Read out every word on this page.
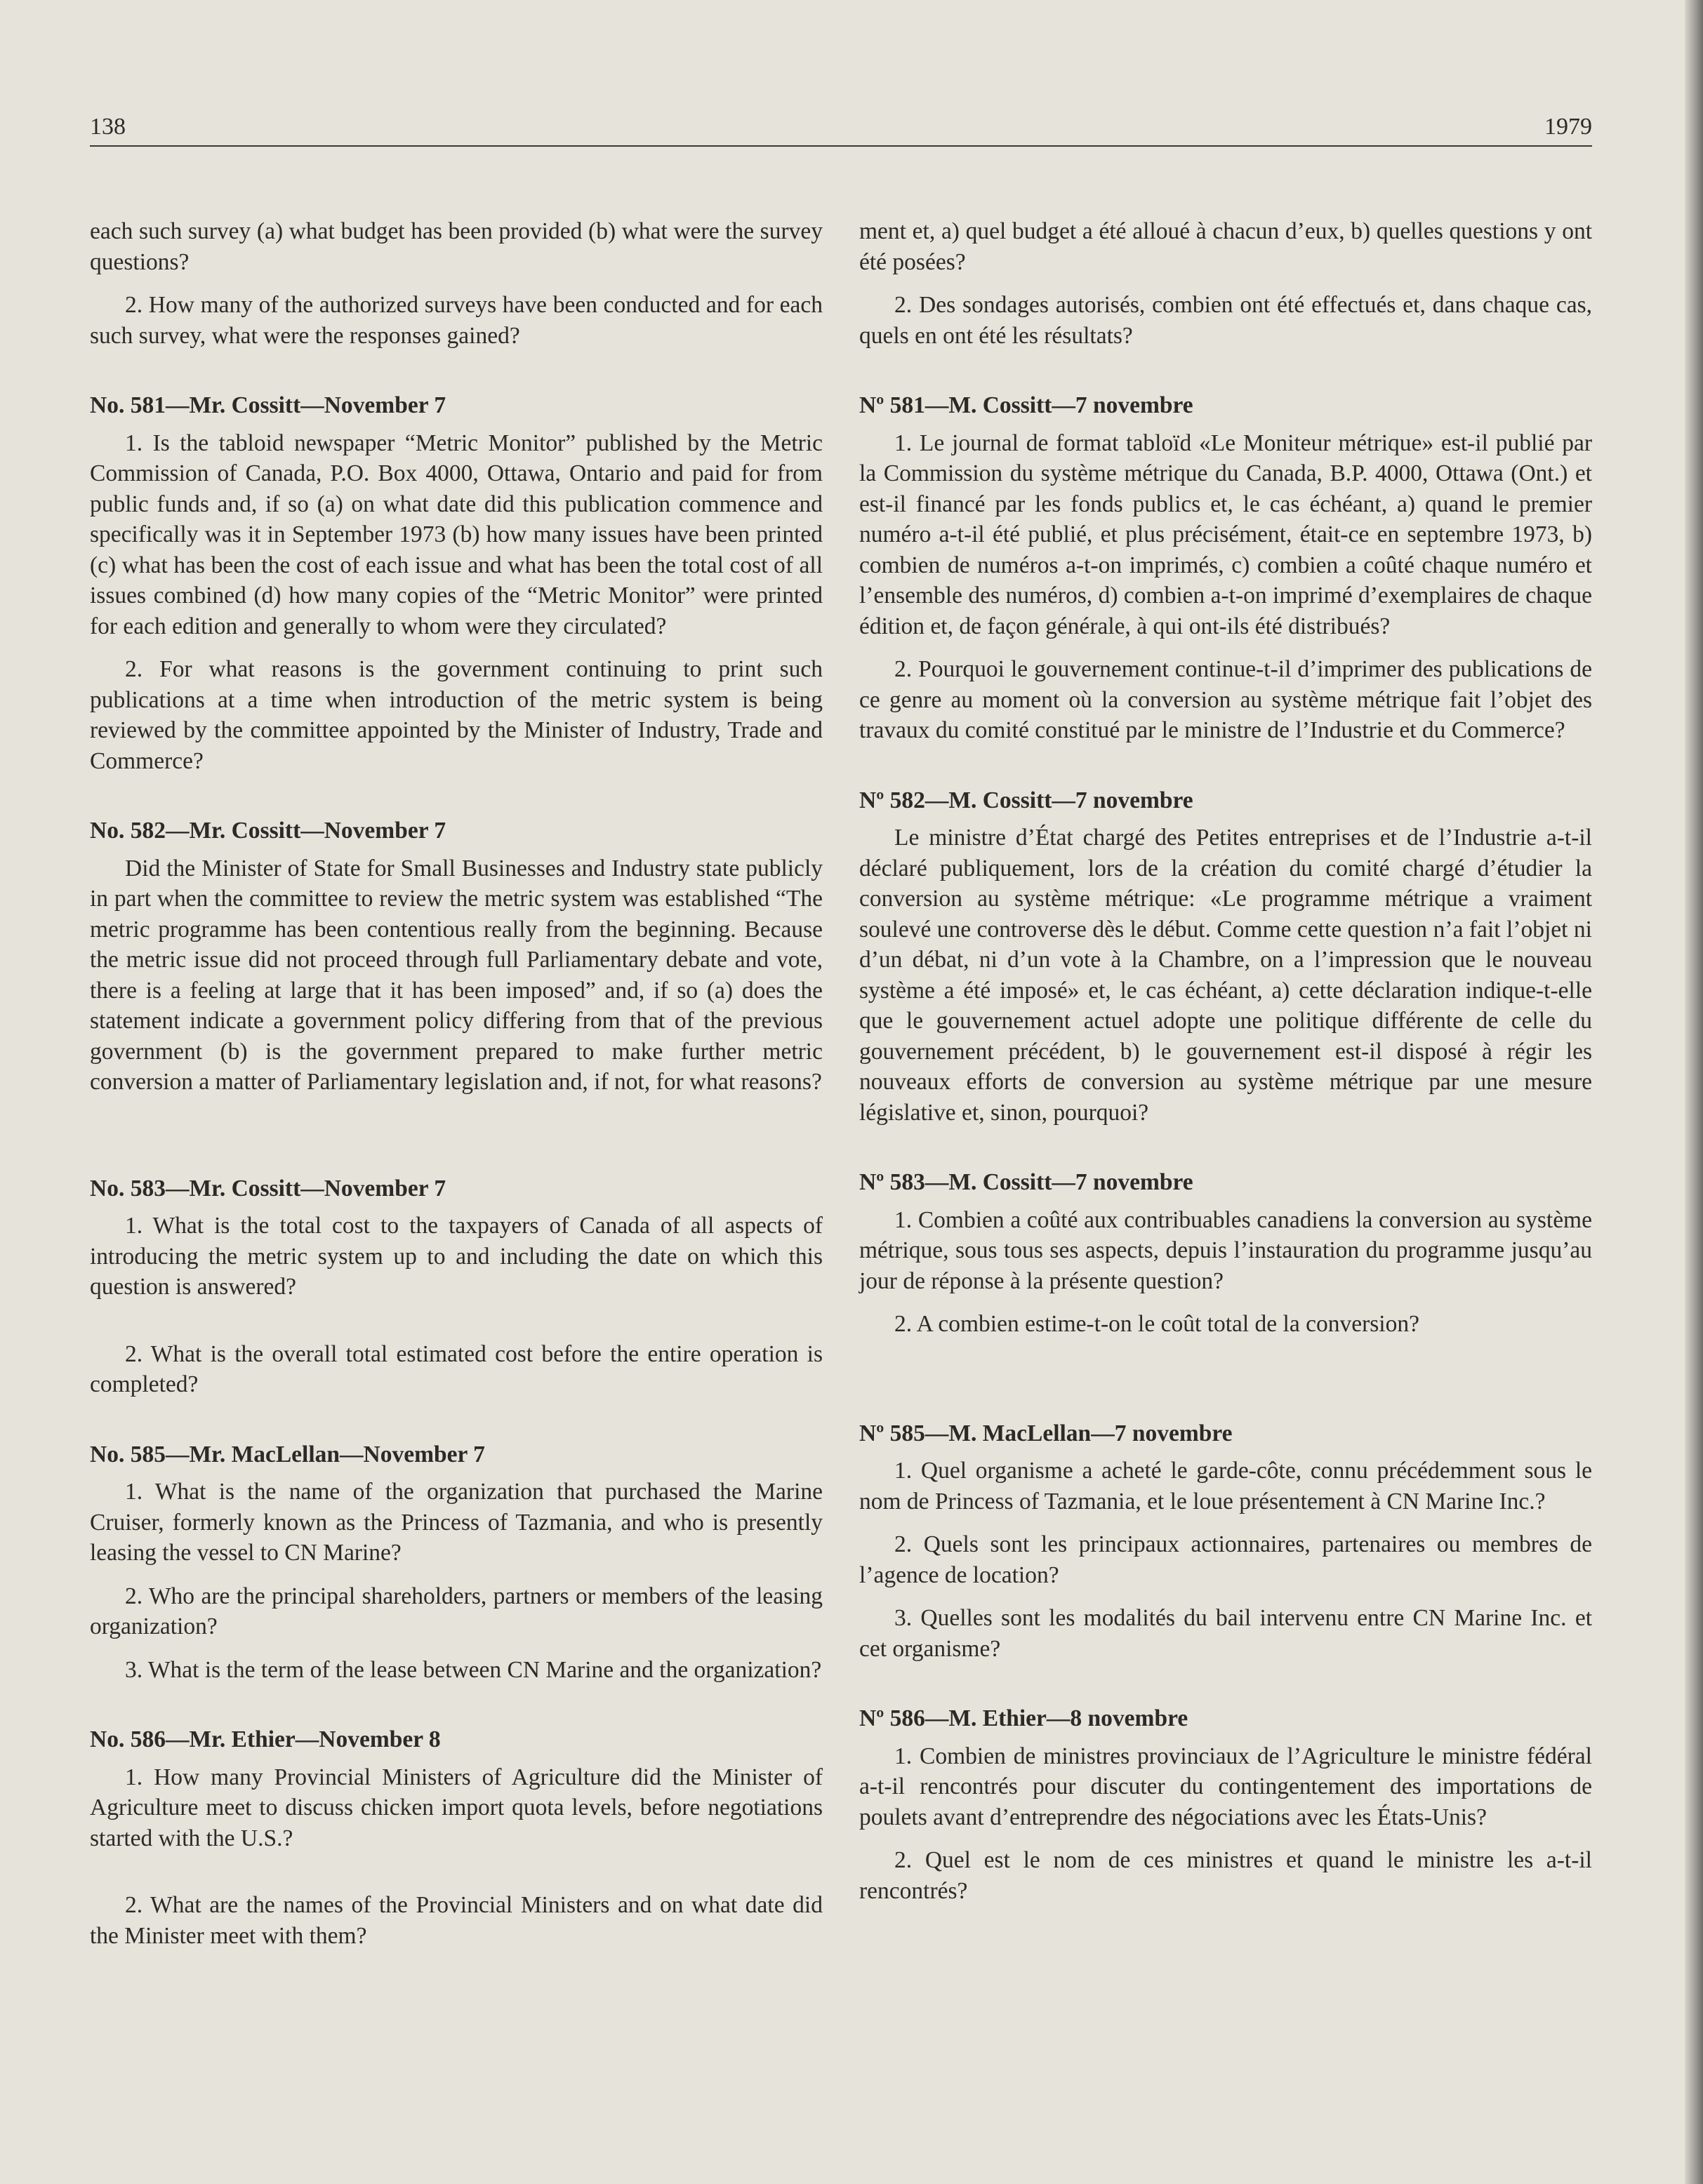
138	1979

each such survey (a) what budget has been provided (b) what were the survey questions?

2. How many of the authorized surveys have been conducted and for each such survey, what were the responses gained?

No. 581—Mr. Cossitt—November 7

1. Is the tabloid newspaper “Metric Monitor” published by the Metric Commission of Canada, P.O. Box 4000, Ottawa, Ontario and paid for from public funds and, if so (a) on what date did this publication commence and specifically was it in September 1973 (b) how many issues have been printed (c) what has been the cost of each issue and what has been the total cost of all issues combined (d) how many copies of the “Metric Monitor” were printed for each edition and generally to whom were they circulated?

2. For what reasons is the government continuing to print such publications at a time when introduction of the metric system is being reviewed by the committee appointed by the Minister of Industry, Trade and Commerce?

No. 582—Mr. Cossitt—November 7

Did the Minister of State for Small Businesses and Industry state publicly in part when the committee to review the metric system was established “The metric programme has been contentious really from the beginning. Because the metric issue did not proceed through full Parliamentary debate and vote, there is a feeling at large that it has been imposed” and, if so (a) does the statement indicate a government policy differing from that of the previous government (b) is the government prepared to make further metric conversion a matter of Parliamentary legislation and, if not, for what reasons?

No. 583—Mr. Cossitt—November 7

1. What is the total cost to the taxpayers of Canada of all aspects of introducing the metric system up to and including the date on which this question is answered?

2. What is the overall total estimated cost before the entire operation is completed?

No. 585—Mr. MacLellan—November 7

1. What is the name of the organization that purchased the Marine Cruiser, formerly known as the Princess of Tazmania, and who is presently leasing the vessel to CN Marine?

2. Who are the principal shareholders, partners or members of the leasing organization?

3. What is the term of the lease between CN Marine and the organization?

No. 586—Mr. Ethier—November 8

1. How many Provincial Ministers of Agriculture did the Minister of Agriculture meet to discuss chicken import quota levels, before negotiations started with the U.S.?

2. What are the names of the Provincial Ministers and on what date did the Minister meet with them?

ment et, a) quel budget a été alloué à chacun d’eux, b) quelles questions y ont été posées?

2. Des sondages autorisés, combien ont été effectués et, dans chaque cas, quels en ont été les résultats?

Nº 581—M. Cossitt—7 novembre

1. Le journal de format tabloïd «Le Moniteur métrique» est-il publié par la Commission du système métrique du Canada, B.P. 4000, Ottawa (Ont.) et est-il financé par les fonds publics et, le cas échéant, a) quand le premier numéro a-t-il été publié, et plus précisément, était-ce en septembre 1973, b) combien de numéros a-t-on imprimés, c) combien a coûté chaque numéro et l’ensemble des numéros, d) combien a-t-on imprimé d’exemplaires de chaque édition et, de façon générale, à qui ont-ils été distribués?

2. Pourquoi le gouvernement continue-t-il d’imprimer des publications de ce genre au moment où la conversion au système métrique fait l’objet des travaux du comité constitué par le ministre de l’Industrie et du Commerce?

Nº 582—M. Cossitt—7 novembre

Le ministre d’État chargé des Petites entreprises et de l’Industrie a-t-il déclaré publiquement, lors de la création du comité chargé d’étudier la conversion au système métrique: «Le programme métrique a vraiment soulevé une controverse dès le début. Comme cette question n’a fait l’objet ni d’un débat, ni d’un vote à la Chambre, on a l’impression que le nouveau système a été imposé» et, le cas échéant, a) cette déclaration indique-t-elle que le gouvernement actuel adopte une politique différente de celle du gouvernement précédent, b) le gouvernement est-il disposé à régir les nouveaux efforts de conversion au système métrique par une mesure législative et, sinon, pourquoi?

Nº 583—M. Cossitt—7 novembre

1. Combien a coûté aux contribuables canadiens la conversion au système métrique, sous tous ses aspects, depuis l’instauration du programme jusqu’au jour de réponse à la présente question?

2. A combien estime-t-on le coût total de la conversion?

Nº 585—M. MacLellan—7 novembre

1. Quel organisme a acheté le garde-côte, connu précédemment sous le nom de Princess of Tazmania, et le loue présentement à CN Marine Inc.?

2. Quels sont les principaux actionnaires, partenaires ou membres de l’agence de location?

3. Quelles sont les modalités du bail intervenu entre CN Marine Inc. et cet organisme?

Nº 586—M. Ethier—8 novembre

1. Combien de ministres provinciaux de l’Agriculture le ministre fédéral a-t-il rencontrés pour discuter du contingentement des importations de poulets avant d’entreprendre des négociations avec les États-Unis?

2. Quel est le nom de ces ministres et quand le ministre les a-t-il rencontrés?
